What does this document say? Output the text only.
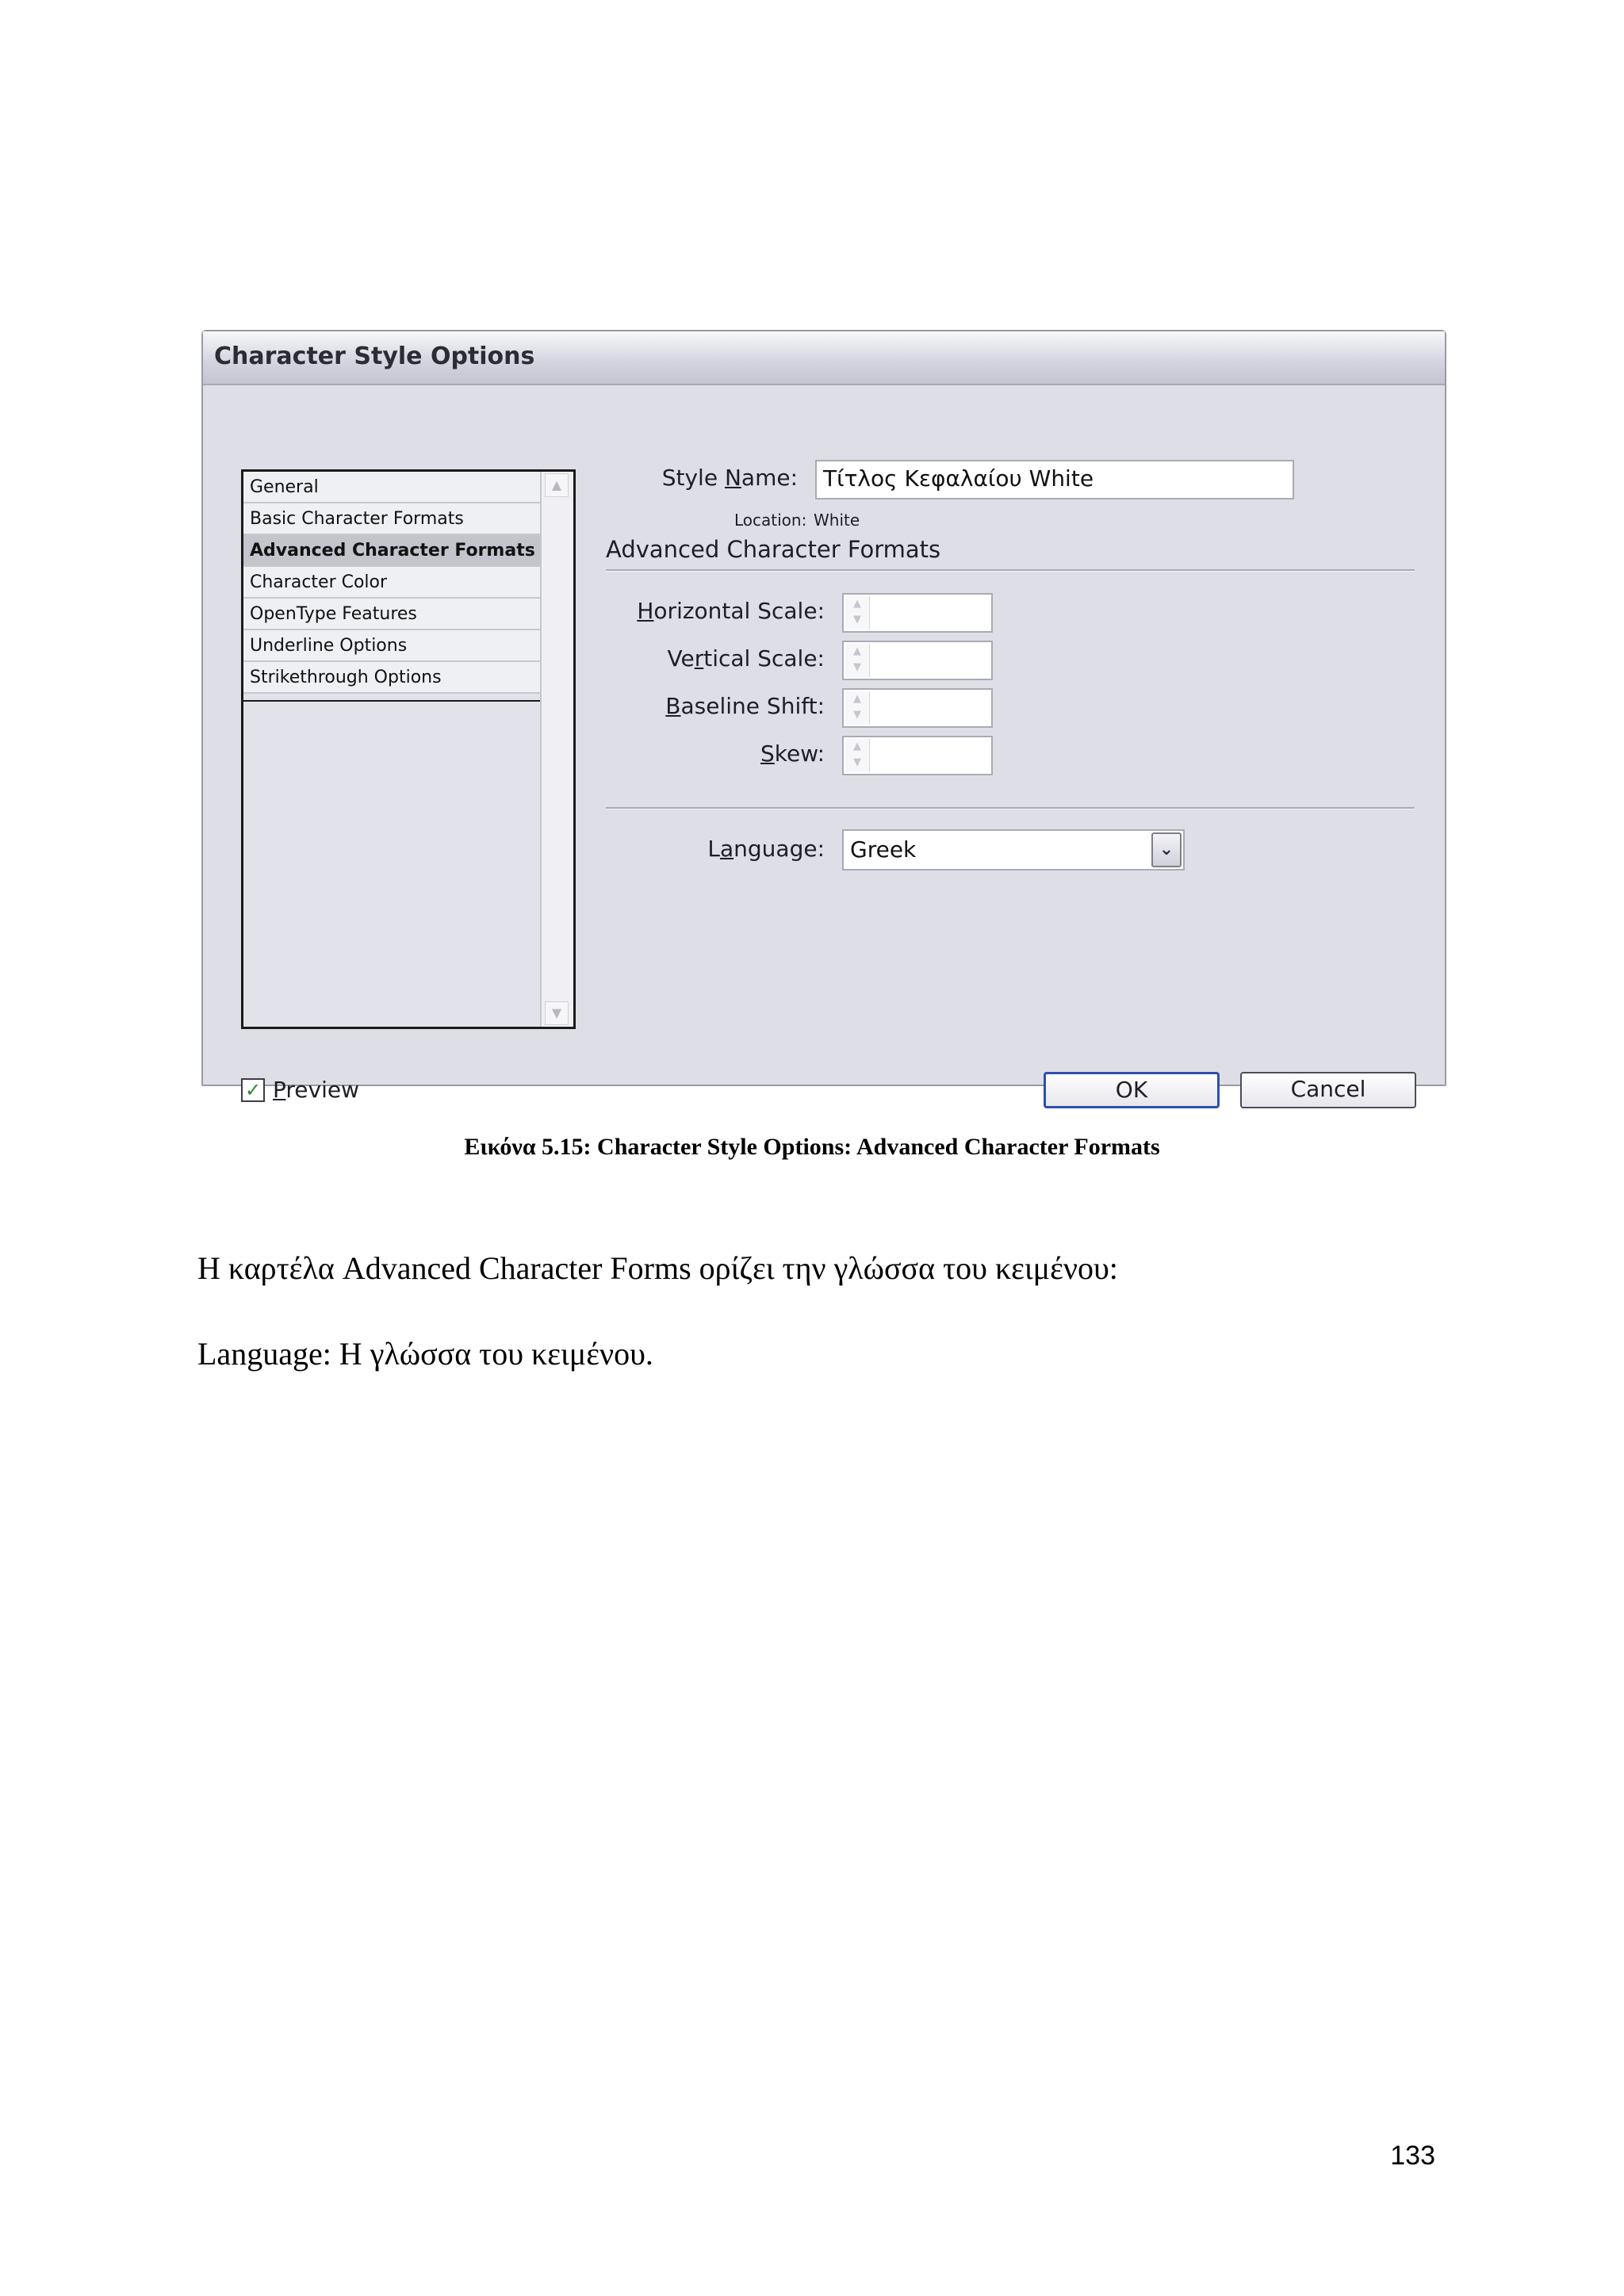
Character Style Options
General
Basic Character Formats
Advanced Character Formats
Character Color
OpenType Features
Underline Options
Strikethrough Options
▲
▼
Style Name:	Τίτλος Κεφαλαίου White
Location: White
Advanced Character Formats
Horizontal Scale:	▲
▼
Vertical Scale:	▲
▼
Baseline Shift:	▲
▼
Skew:	▲
▼
Language: Greek	⌄
✓ Preview	OK	Cancel
Εικόνα 5.15: Character Style Options: Advanced Character Formats
Η καρτέλα Advanced Character Forms ορίζει την γλώσσα του κειμένου:
Language: Η γλώσσα του κειμένου.
133
